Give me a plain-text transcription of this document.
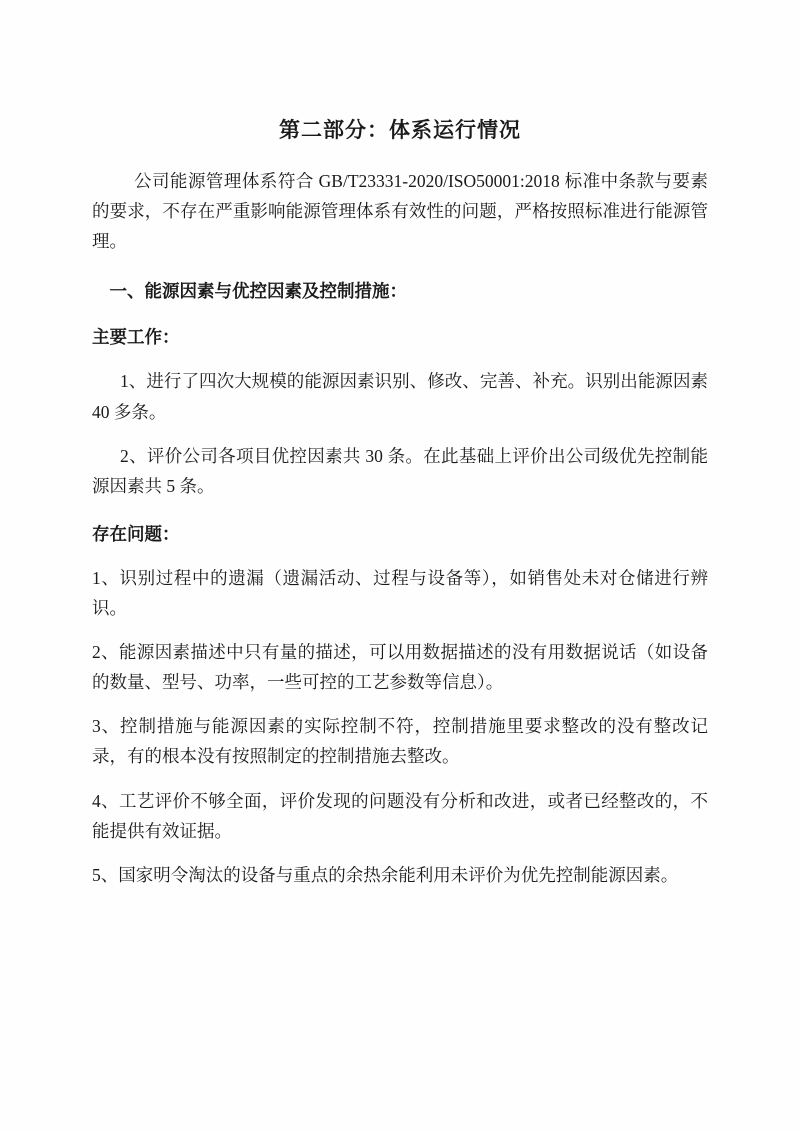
第二部分：体系运行情况

公司能源管理体系符合 GB/T23331-2020/ISO50001:2018 标准中条款与要素的要求，不存在严重影响能源管理体系有效性的问题，严格按照标准进行能源管理。

一、能源因素与优控因素及控制措施：

主要工作：

1、进行了四次大规模的能源因素识别、修改、完善、补充。识别出能源因素 40 多条。

2、评价公司各项目优控因素共 30 条。在此基础上评价出公司级优先控制能源因素共 5 条。

存在问题：

1、识别过程中的遗漏（遗漏活动、过程与设备等），如销售处未对仓储进行辨识。

2、能源因素描述中只有量的描述，可以用数据描述的没有用数据说话（如设备的数量、型号、功率，一些可控的工艺参数等信息）。

3、控制措施与能源因素的实际控制不符，控制措施里要求整改的没有整改记录，有的根本没有按照制定的控制措施去整改。

4、工艺评价不够全面，评价发现的问题没有分析和改进，或者已经整改的，不能提供有效证据。

5、国家明令淘汰的设备与重点的余热余能利用未评价为优先控制能源因素。
